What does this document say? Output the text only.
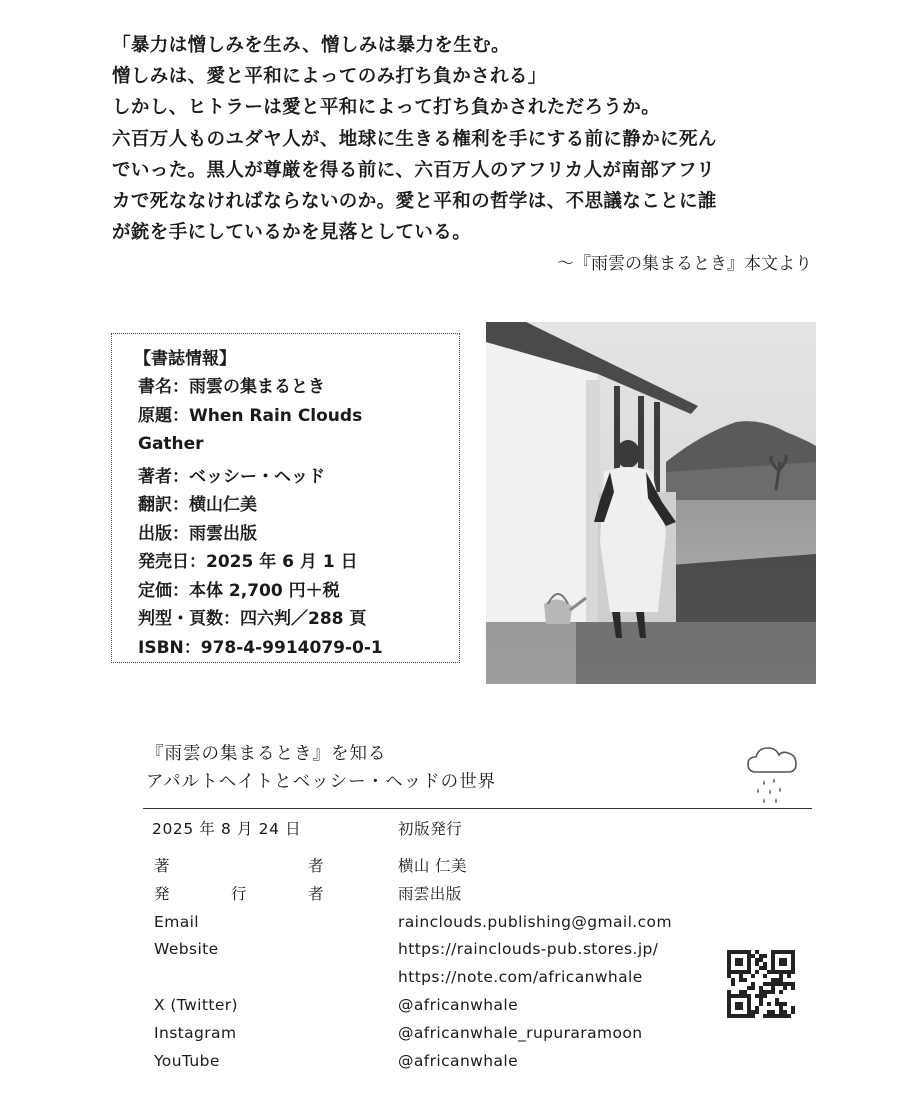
「暴力は憎しみを生み、憎しみは暴力を生む。
憎しみは、愛と平和によってのみ打ち負かされる」
しかし、ヒトラーは愛と平和によって打ち負かされただろうか。
六百万人ものユダヤ人が、地球に生きる権利を手にする前に静かに死ん
でいった。黒人が尊厳を得る前に、六百万人のアフリカ人が南部アフリ
カで死ななければならないのか。愛と平和の哲学は、不思議なことに誰
が銃を手にしているかを見落としている。
～『雨雲の集まるとき』本文より
【書誌情報】
書名：雨雲の集まるとき
原題：When Rain Clouds
Gather
著者：ベッシー・ヘッド
翻訳：横山仁美
出版：雨雲出版
発売日：2025 年 6 月 1 日
定価：本体 2,700 円＋税
判型・頁数：四六判／288 頁
ISBN：978-4-9914079-0-1
『雨雲の集まるとき』を知る
アパルトヘイトとベッシー・ヘッドの世界
2025 年 8 月 24 日	初版発行
著	者	横山 仁美
発	行	者	雨雲出版
Email	rainclouds.publishing@gmail.com
Website	https://rainclouds-pub.stores.jp/
https://note.com/africanwhale
X (Twitter)	@africanwhale
Instagram	@africanwhale_rupuraramoon
YouTube	@africanwhale
